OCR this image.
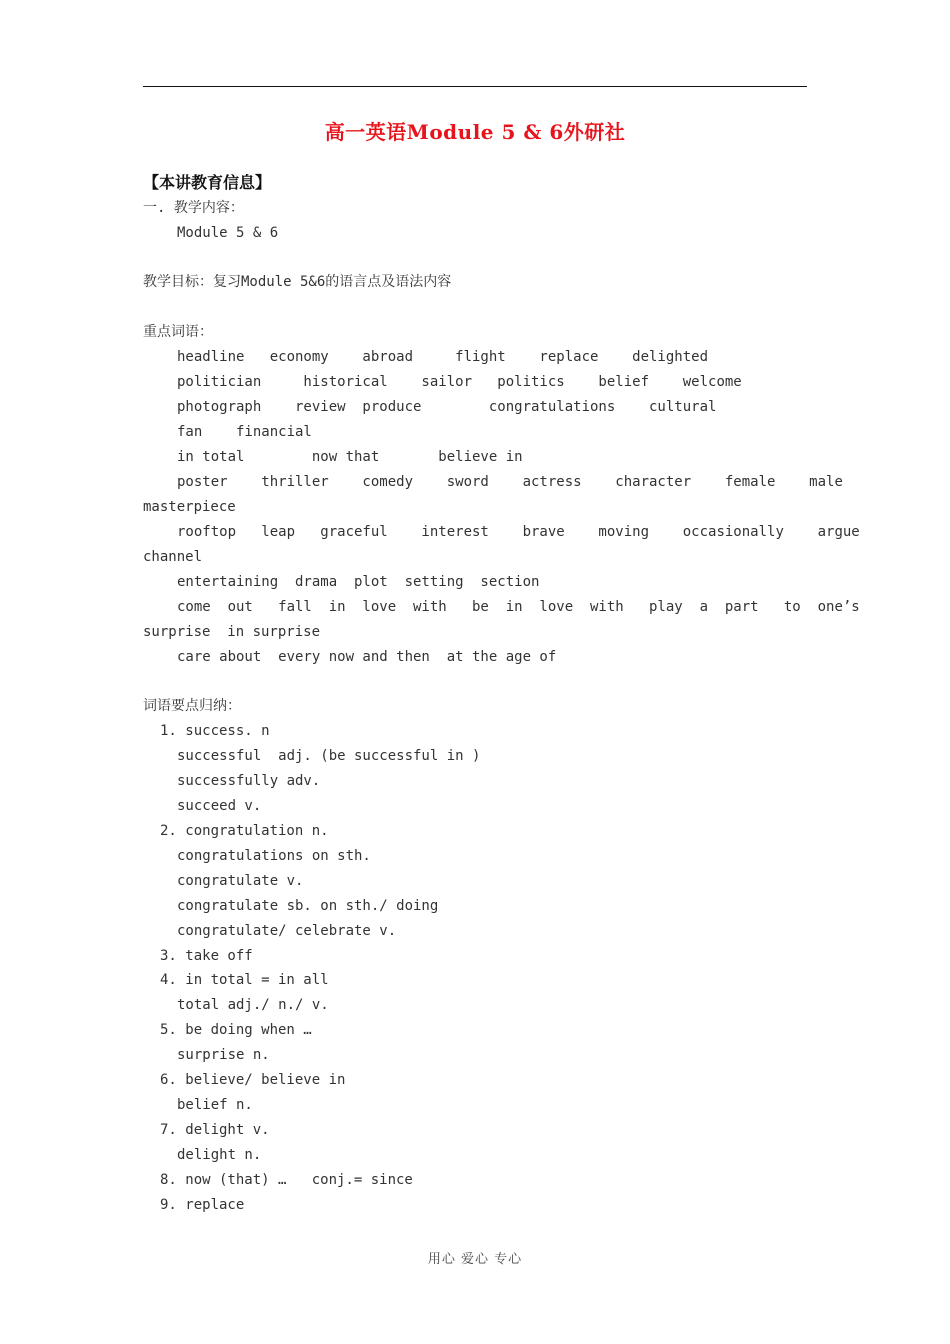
高一英语Module 5 & 6外研社
【本讲教育信息】
一. 教学内容：
Module 5 & 6
教学目标：复习Module 5&6的语言点及语法内容
重点词语：
headline   economy    abroad     flight    replace    delighted
politician     historical    sailor   politics    belief    welcome
photograph    review  produce        congratulations    cultural
fan    financial
in total        now that       believe in
poster    thriller    comedy    sword    actress    character    female    male
masterpiece
rooftop   leap   graceful    interest    brave    moving    occasionally    argue
channel
entertaining  drama  plot  setting  section
come  out   fall  in  love  with   be  in  love  with   play  a  part   to  one’s
surprise  in surprise
care about  every now and then  at the age of
词语要点归纳：
1. success. n
successful  adj. (be successful in )
successfully adv.
succeed v.
2. congratulation n.
congratulations on sth.
congratulate v.
congratulate sb. on sth./ doing
congratulate/ celebrate v.
3. take off
4. in total = in all
total adj./ n./ v.
5. be doing when …
surprise n.
6. believe/ believe in
belief n.
7. delight v.
delight n.
8. now (that) …   conj.= since
9. replace
用心 爱心 专心
